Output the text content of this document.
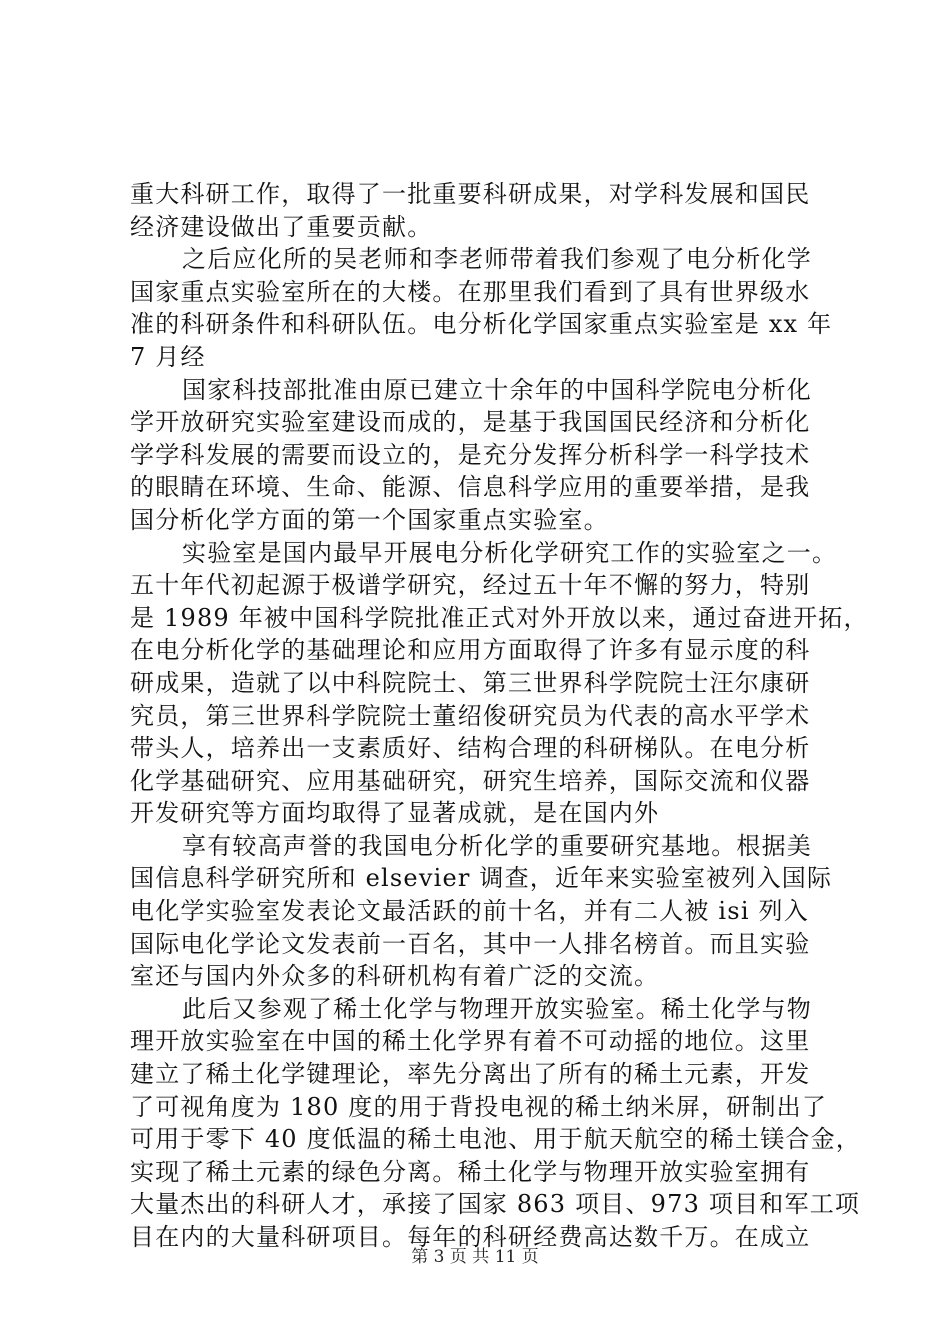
重大科研工作，取得了一批重要科研成果，对学科发展和国民
经济建设做出了重要贡献。
之后应化所的吴老师和李老师带着我们参观了电分析化学
国家重点实验室所在的大楼。在那里我们看到了具有世界级水
准的科研条件和科研队伍。电分析化学国家重点实验室是 xx 年
7 月经
国家科技部批准由原已建立十余年的中国科学院电分析化
学开放研究实验室建设而成的，是基于我国国民经济和分析化
学学科发展的需要而设立的，是充分发挥分析科学一科学技术
的眼睛在环境、生命、能源、信息科学应用的重要举措，是我
国分析化学方面的第一个国家重点实验室。
实验室是国内最早开展电分析化学研究工作的实验室之一。
五十年代初起源于极谱学研究，经过五十年不懈的努力，特别
是 1989 年被中国科学院批准正式对外开放以来，通过奋进开拓，
在电分析化学的基础理论和应用方面取得了许多有显示度的科
研成果，造就了以中科院院士、第三世界科学院院士汪尔康研
究员，第三世界科学院院士董绍俊研究员为代表的高水平学术
带头人，培养出一支素质好、结构合理的科研梯队。在电分析
化学基础研究、应用基础研究，研究生培养，国际交流和仪器
开发研究等方面均取得了显著成就，是在国内外
享有较高声誉的我国电分析化学的重要研究基地。根据美
国信息科学研究所和 elsevier 调查，近年来实验室被列入国际
电化学实验室发表论文最活跃的前十名，并有二人被 isi 列入
国际电化学论文发表前一百名，其中一人排名榜首。而且实验
室还与国内外众多的科研机构有着广泛的交流。
此后又参观了稀土化学与物理开放实验室。稀土化学与物
理开放实验室在中国的稀土化学界有着不可动摇的地位。这里
建立了稀土化学键理论，率先分离出了所有的稀土元素，开发
了可视角度为 180 度的用于背投电视的稀土纳米屏，研制出了
可用于零下 40 度低温的稀土电池、用于航天航空的稀土镁合金，
实现了稀土元素的绿色分离。稀土化学与物理开放实验室拥有
大量杰出的科研人才，承接了国家 863 项目、973 项目和军工项
目在内的大量科研项目。每年的科研经费高达数千万。在成立
第 3 页 共 11 页
